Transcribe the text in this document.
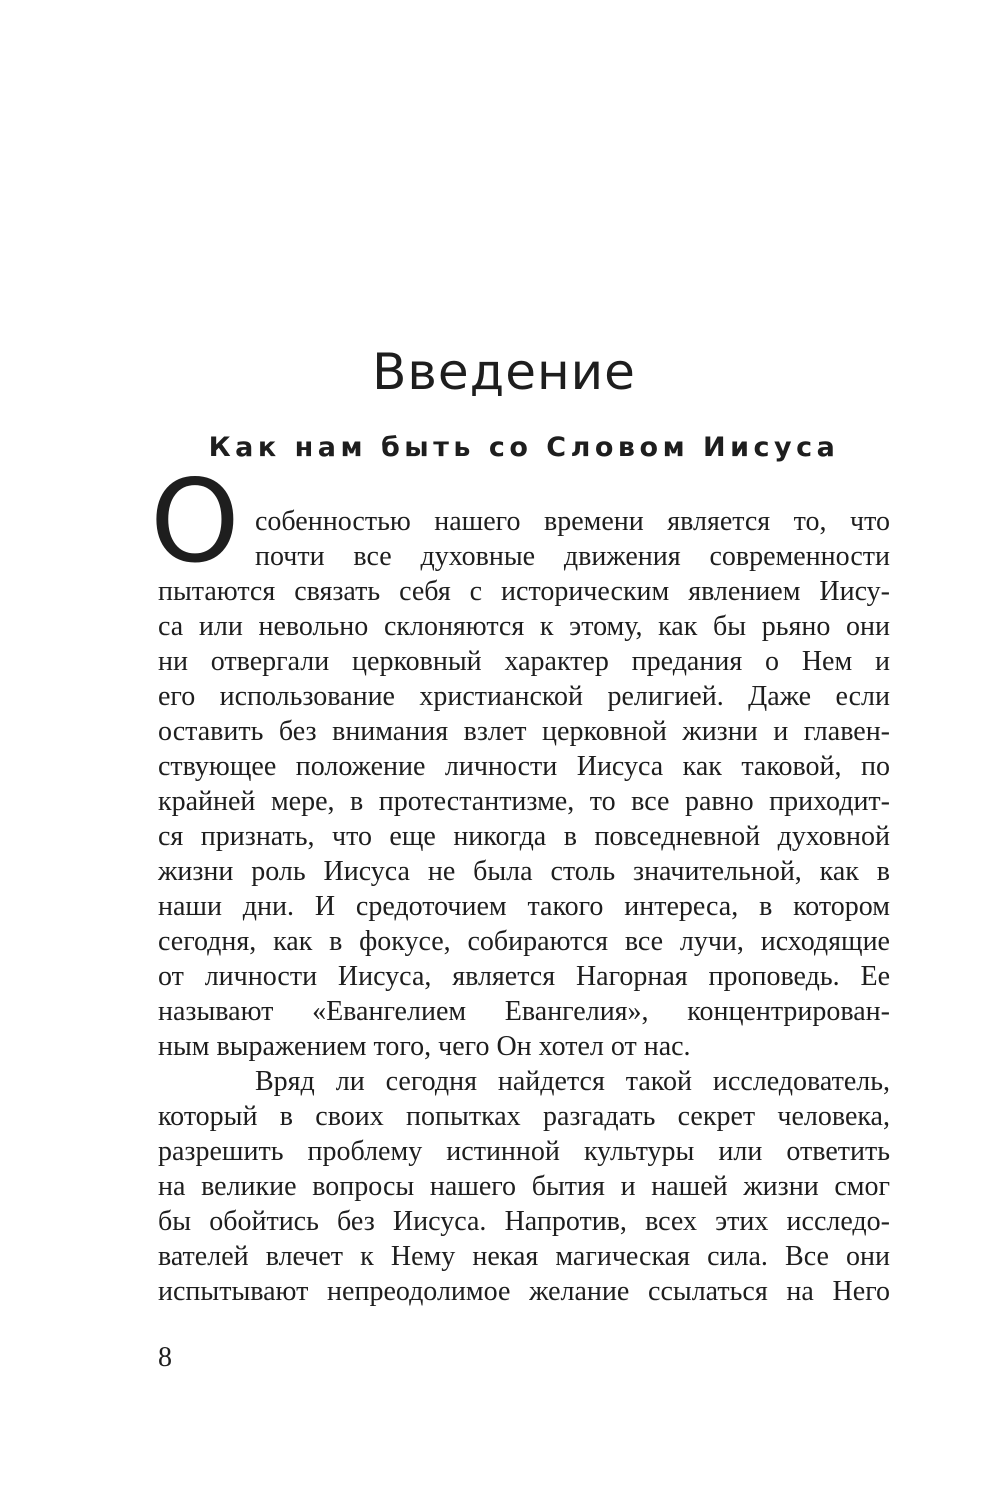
Введение
Как нам быть со Словом Иисуса
О собенностью нашего времени является то, что
почти все духовные движения современности
пытаются связать себя с историческим явлением Иису-
са или невольно склоняются к этому, как бы рьяно они
ни отвергали церковный характер предания о Нем и
его использование христианской религией. Даже если
оставить без внимания взлет церковной жизни и главен-
ствующее положение личности Иисуса как таковой, по
крайней мере, в протестантизме, то все равно приходит-
ся признать, что еще никогда в повседневной духовной
жизни роль Иисуса не была столь значительной, как в
наши дни. И средоточием такого интереса, в котором
сегодня, как в фокусе, собираются все лучи, исходящие
от личности Иисуса, является Нагорная проповедь. Ее
называют «Евангелием Евангелия», концентрирован-
ным выражением того, чего Он хотел от нас.
Вряд ли сегодня найдется такой исследователь,
который в своих попытках разгадать секрет человека,
разрешить проблему истинной культуры или ответить
на великие вопросы нашего бытия и нашей жизни смог
бы обойтись без Иисуса. Напротив, всех этих исследо-
вателей влечет к Нему некая магическая сила. Все они
испытывают непреодолимое желание ссылаться на Него
8
